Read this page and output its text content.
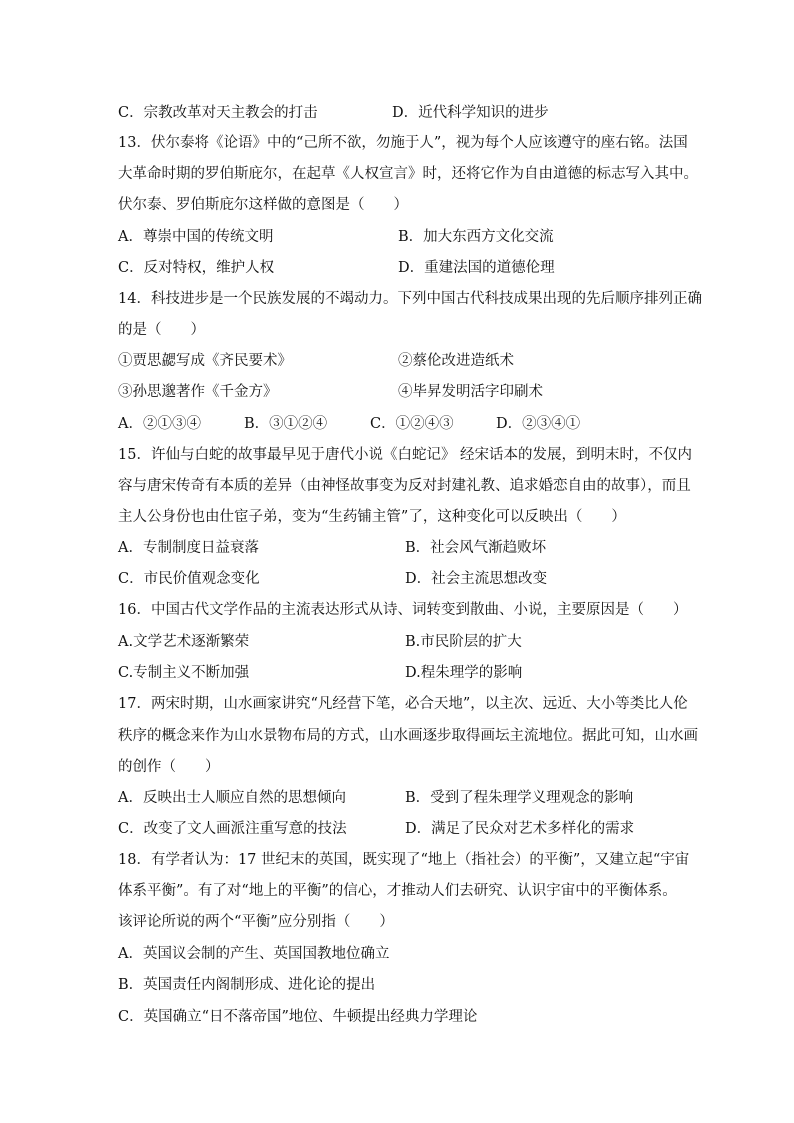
C．宗教改革对天主教会的打击	D．近代科学知识的进步
13．伏尔泰将《论语》中的“己所不欲，勿施于人”，视为每个人应该遵守的座右铭。法国
大革命时期的罗伯斯庇尔，在起草《人权宣言》时，还将它作为自由道德的标志写入其中。
伏尔泰、罗伯斯庇尔这样做的意图是（　　）
A．尊崇中国的传统文明	B．加大东西方文化交流
C．反对特权，维护人权	D．重建法国的道德伦理
14．科技进步是一个民族发展的不竭动力。下列中国古代科技成果出现的先后顺序排列正确
的是（　　）
①贾思勰写成《齐民要术》	②蔡伦改进造纸术
③孙思邈著作《千金方》	④毕昇发明活字印刷术
A．②①③④	B．③①②④	C．①②④③	D．②③④①
15．许仙与白蛇的故事最早见于唐代小说《白蛇记》 经宋话本的发展，到明末时，不仅内
容与唐宋传奇有本质的差异（由神怪故事变为反对封建礼教、追求婚恋自由的故事），而且
主人公身份也由仕宦子弟，变为“生药铺主管”了，这种变化可以反映出（　　）
A．专制制度日益衰落	B．社会风气渐趋败坏
C．市民价值观念变化	D．社会主流思想改变
16．中国古代文学作品的主流表达形式从诗、词转变到散曲、小说，主要原因是（　　）
A.文学艺术逐渐繁荣	B.市民阶层的扩大
C.专制主义不断加强	D.程朱理学的影响
17．两宋时期，山水画家讲究“凡经营下笔，必合天地”，以主次、远近、大小等类比人伦
秩序的概念来作为山水景物布局的方式，山水画逐步取得画坛主流地位。据此可知，山水画
的创作（　　）
A．反映出士人顺应自然的思想倾向	B．受到了程朱理学义理观念的影响
C．改变了文人画派注重写意的技法	D．满足了民众对艺术多样化的需求
18．有学者认为：17 世纪末的英国，既实现了“地上（指社会）的平衡”，又建立起“宇宙
体系平衡”。有了对“地上的平衡”的信心，才推动人们去研究、认识宇宙中的平衡体系。
该评论所说的两个“平衡”应分别指（　　）
A．英国议会制的产生、英国国教地位确立
B．英国责任内阁制形成、进化论的提出
C．英国确立“日不落帝国”地位、牛顿提出经典力学理论
